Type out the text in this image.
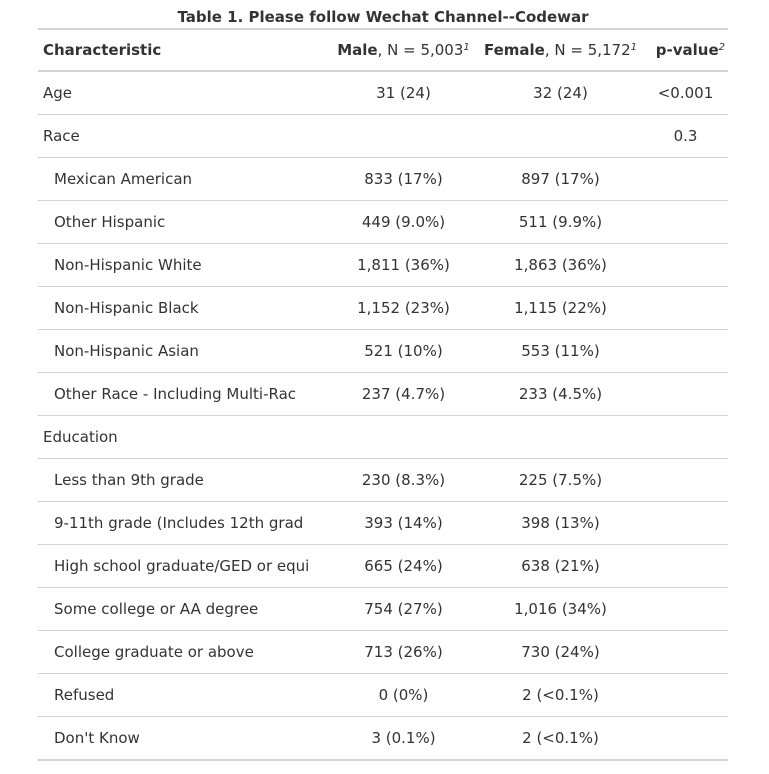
Table 1. Please follow Wechat Channel--Codewar
Characteristic	Male, $N = 5,003^1$	Female, $N = 5,172^1$	p-value$^2$
Age	31 (24)	32 (24)	<0.001
Race			0.3
Mexican American	833 (17%)	897 (17%)	
Other Hispanic	449 (9.0%)	511 (9.9%)	
Non-Hispanic White	1,811 (36%)	1,863 (36%)	
Non-Hispanic Black	1,152 (23%)	1,115 (22%)	
Non-Hispanic Asian	521 (10%)	553 (11%)	
Other Race - Including Multi-Rac	237 (4.7%)	233 (4.5%)	
Education			
Less than 9th grade	230 (8.3%)	225 (7.5%)	
9-11th grade (Includes 12th grad	393 (14%)	398 (13%)	
High school graduate/GED or equi	665 (24%)	638 (21%)	
Some college or AA degree	754 (27%)	1,016 (34%)	
College graduate or above	713 (26%)	730 (24%)	
Refused	0 (0%)	2 (<0.1%)	
Don't Know	3 (0.1%)	2 (<0.1%)	
